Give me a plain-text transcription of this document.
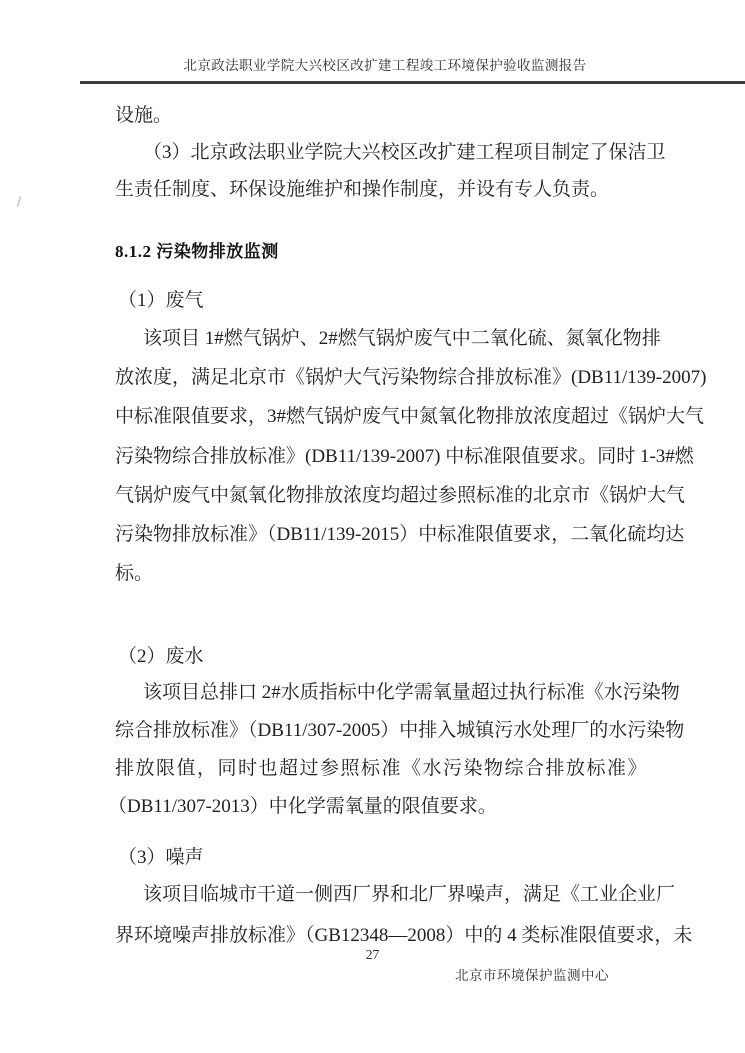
北京政法职业学院大兴校区改扩建工程竣工环境保护验收监测报告
设施。
（3）北京政法职业学院大兴校区改扩建工程项目制定了保洁卫
生责任制度、环保设施维护和操作制度，并设有专人负责。
8.1.2 污染物排放监测
（1）废气
该项目 1#燃气锅炉、2#燃气锅炉废气中二氧化硫、氮氧化物排
放浓度，满足北京市《锅炉大气污染物综合排放标准》(DB11/139-2007)
中标准限值要求，3#燃气锅炉废气中氮氧化物排放浓度超过《锅炉大气
污染物综合排放标准》(DB11/139-2007) 中标准限值要求。同时 1-3#燃
气锅炉废气中氮氧化物排放浓度均超过参照标准的北京市《锅炉大气
污染物排放标准》（DB11/139-2015）中标准限值要求，二氧化硫均达
标。
（2）废水
该项目总排口 2#水质指标中化学需氧量超过执行标准《水污染物
综合排放标准》（DB11/307-2005）中排入城镇污水处理厂的水污染物
排放限值，同时也超过参照标准《水污染物综合排放标准》
（DB11/307-2013）中化学需氧量的限值要求。
（3）噪声
该项目临城市干道一侧西厂界和北厂界噪声，满足《工业企业厂
界环境噪声排放标准》（GB12348—2008）中的 4 类标准限值要求，未
27
北京市环境保护监测中心
